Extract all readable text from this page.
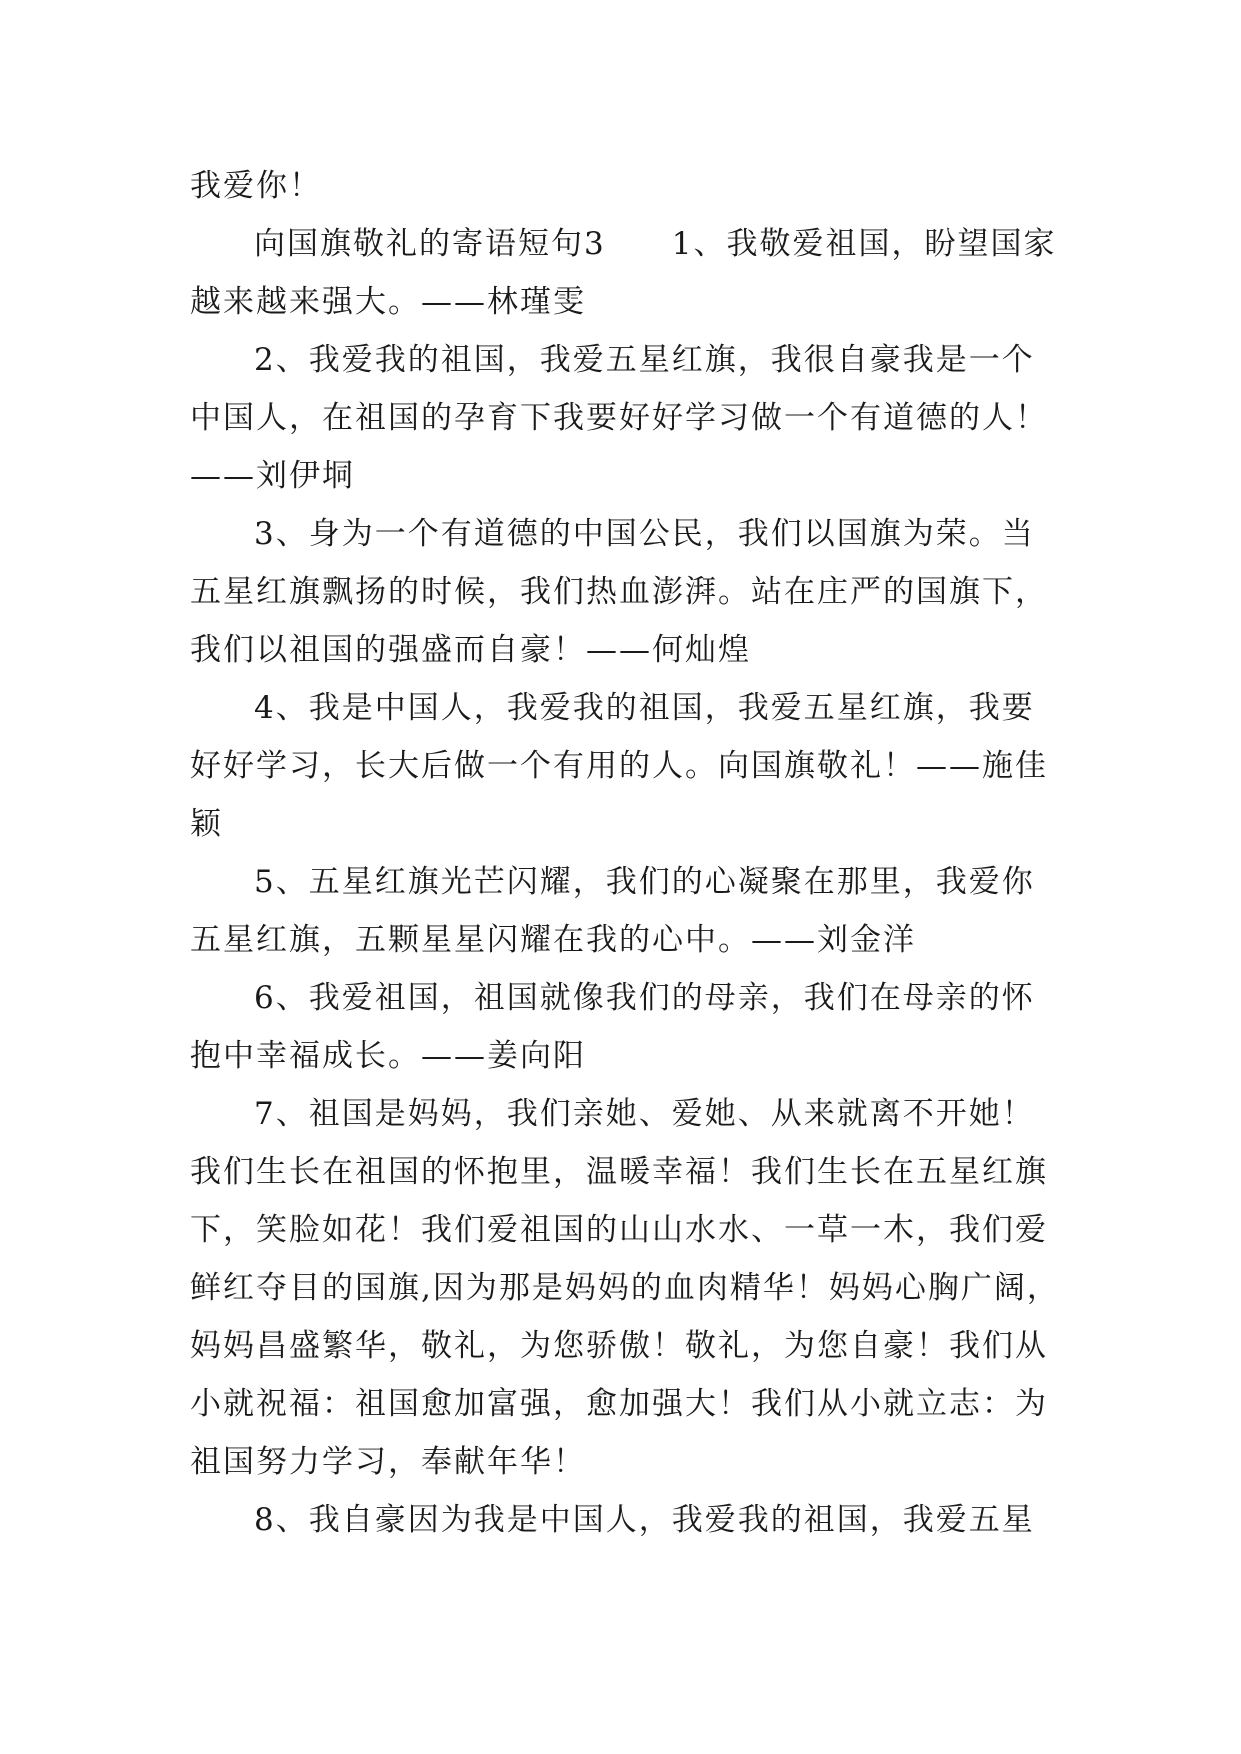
我爱你！

向国旗敬礼的寄语短句3　　1、我敬爱祖国，盼望国家越来越来强大。——林瑾雯

2、我爱我的祖国，我爱五星红旗，我很自豪我是一个中国人，在祖国的孕育下我要好好学习做一个有道德的人！——刘伊垌

3、身为一个有道德的中国公民，我们以国旗为荣。当五星红旗飘扬的时候，我们热血澎湃。站在庄严的国旗下，我们以祖国的强盛而自豪！——何灿煌

4、我是中国人，我爱我的祖国，我爱五星红旗，我要好好学习，长大后做一个有用的人。向国旗敬礼！——施佳颖

5、五星红旗光芒闪耀，我们的心凝聚在那里，我爱你五星红旗，五颗星星闪耀在我的心中。——刘金洋

6、我爱祖国，祖国就像我们的母亲，我们在母亲的怀抱中幸福成长。——姜向阳

7、祖国是妈妈，我们亲她、爱她、从来就离不开她！我们生长在祖国的怀抱里，温暖幸福！我们生长在五星红旗下，笑脸如花！我们爱祖国的山山水水、一草一木，我们爱鲜红夺目的国旗,因为那是妈妈的血肉精华！妈妈心胸广阔，妈妈昌盛繁华，敬礼，为您骄傲！敬礼，为您自豪！我们从小就祝福：祖国愈加富强，愈加强大！我们从小就立志：为祖国努力学习，奉献年华！

8、我自豪因为我是中国人，我爱我的祖国，我爱五星
